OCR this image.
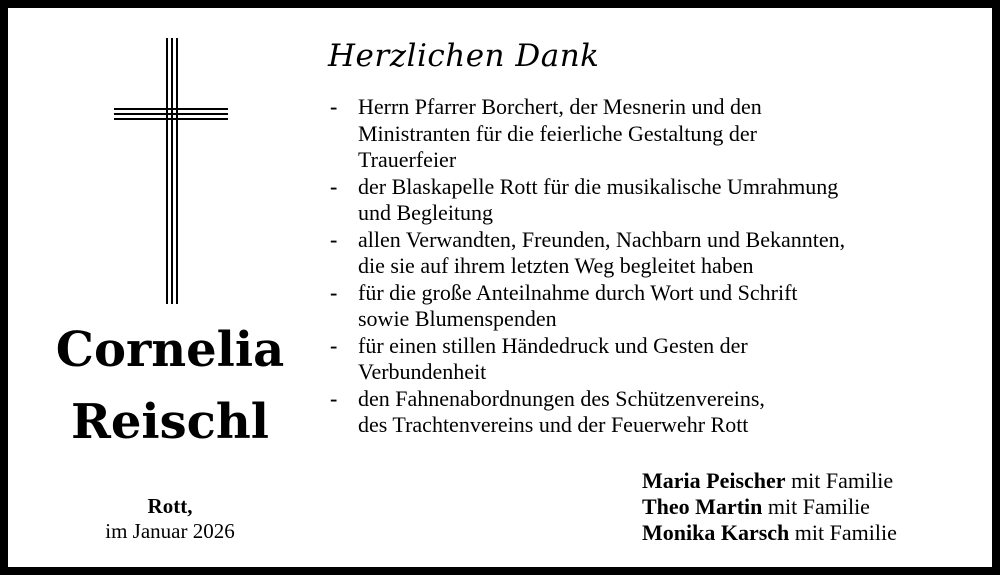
Cornelia
Reischl
Rott,
im Januar 2026
Herzlichen Dank
- Herrn Pfarrer Borchert, der Mesnerin und den
Ministranten für die feierliche Gestaltung der
Trauerfeier
- der Blaskapelle Rott für die musikalische Umrahmung
und Begleitung
- allen Verwandten, Freunden, Nachbarn und Bekannten,
die sie auf ihrem letzten Weg begleitet haben
- für die große Anteilnahme durch Wort und Schrift
sowie Blumenspenden
- für einen stillen Händedruck und Gesten der
Verbundenheit
- den Fahnenabordnungen des Schützenvereins,
des Trachtenvereins und der Feuerwehr Rott
Maria Peischer mit Familie
Theo Martin mit Familie
Monika Karsch mit Familie
